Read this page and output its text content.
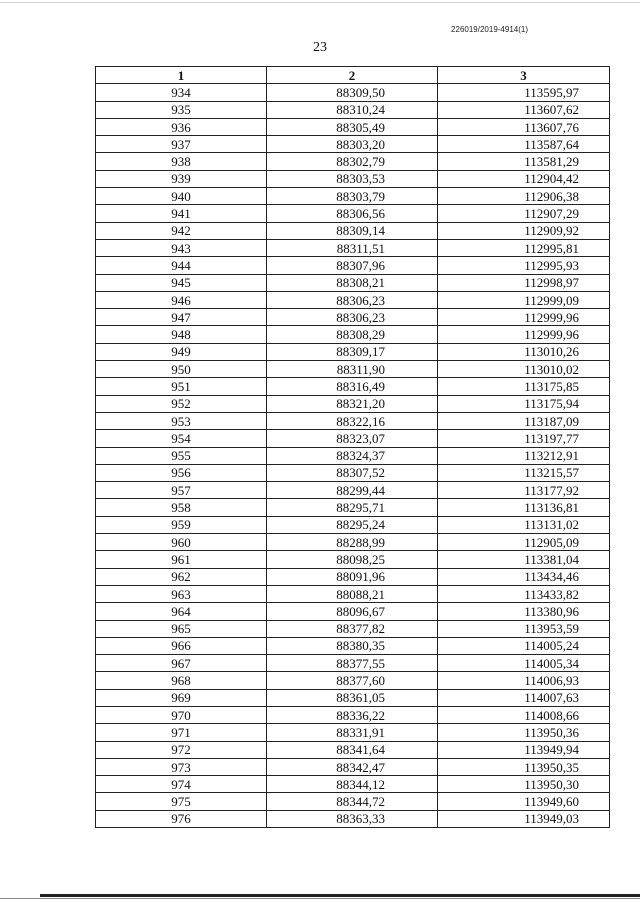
226019/2019-4914(1)
23
1	2	3
934	88309,50	113595,97
935	88310,24	113607,62
936	88305,49	113607,76
937	88303,20	113587,64
938	88302,79	113581,29
939	88303,53	112904,42
940	88303,79	112906,38
941	88306,56	112907,29
942	88309,14	112909,92
943	88311,51	112995,81
944	88307,96	112995,93
945	88308,21	112998,97
946	88306,23	112999,09
947	88306,23	112999,96
948	88308,29	112999,96
949	88309,17	113010,26
950	88311,90	113010,02
951	88316,49	113175,85
952	88321,20	113175,94
953	88322,16	113187,09
954	88323,07	113197,77
955	88324,37	113212,91
956	88307,52	113215,57
957	88299,44	113177,92
958	88295,71	113136,81
959	88295,24	113131,02
960	88288,99	112905,09
961	88098,25	113381,04
962	88091,96	113434,46
963	88088,21	113433,82
964	88096,67	113380,96
965	88377,82	113953,59
966	88380,35	114005,24
967	88377,55	114005,34
968	88377,60	114006,93
969	88361,05	114007,63
970	88336,22	114008,66
971	88331,91	113950,36
972	88341,64	113949,94
973	88342,47	113950,35
974	88344,12	113950,30
975	88344,72	113949,60
976	88363,33	113949,03
